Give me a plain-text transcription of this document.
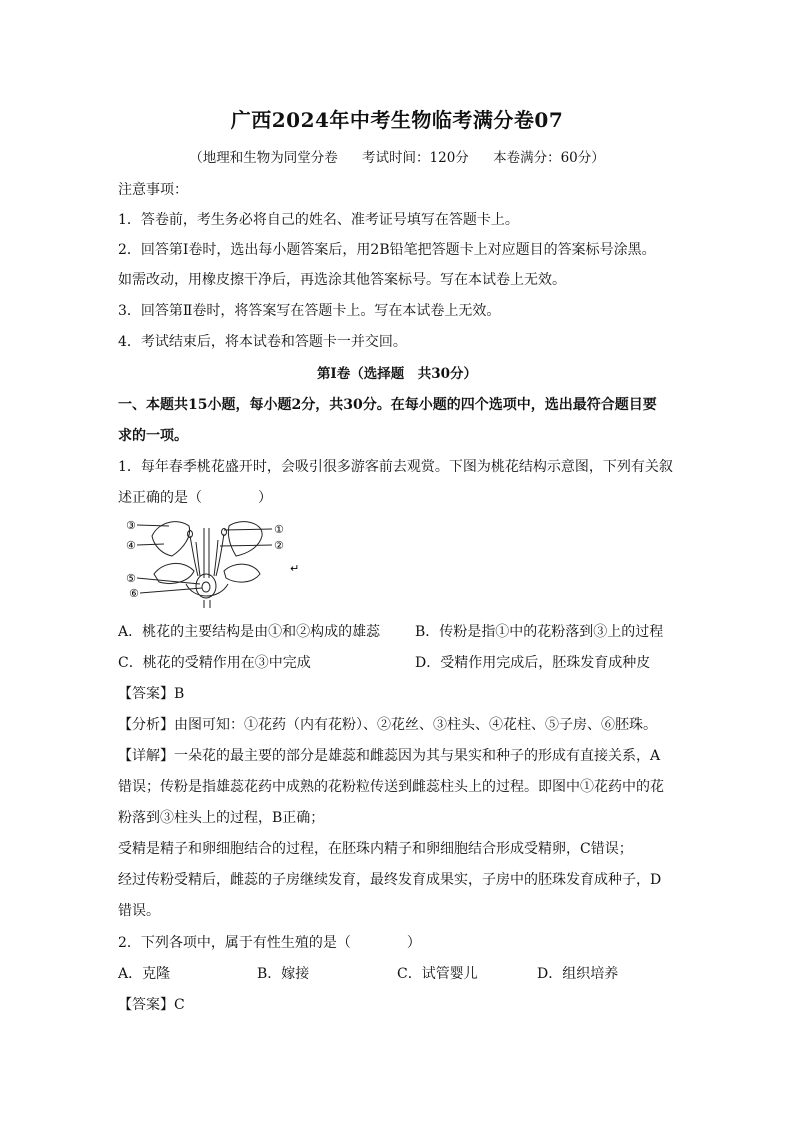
广西2024年中考生物临考满分卷07
（地理和生物为同堂分卷 考试时间：120分 本卷满分：60分）
注意事项：
1．答卷前，考生务必将自己的姓名、准考证号填写在答题卡上。
2．回答第Ⅰ卷时，选出每小题答案后，用2B铅笔把答题卡上对应题目的答案标号涂黑。
如需改动，用橡皮擦干净后，再选涂其他答案标号。写在本试卷上无效。
3．回答第Ⅱ卷时，将答案写在答题卡上。写在本试卷上无效。
4．考试结束后，将本试卷和答题卡一并交回。
第Ⅰ卷（选择题　共30分）
一、本题共15小题，每小题2分，共30分。在每小题的四个选项中，选出最符合题目要
求的一项。
1．每年春季桃花盛开时，会吸引很多游客前去观赏。下图为桃花结构示意图，下列有关叙
述正确的是（　　　　）
③
④
⑤
⑥
①
②
↵
A．桃花的主要结构是由①和②构成的雄蕊 B．传粉是指①中的花粉落到③上的过程
C．桃花的受精作用在③中完成	D．受精作用完成后，胚珠发育成种皮
【答案】B
【分析】由图可知：①花药（内有花粉）、②花丝、③柱头、④花柱、⑤子房、⑥胚珠。
【详解】一朵花的最主要的部分是雄蕊和雌蕊因为其与果实和种子的形成有直接关系，A
错误；传粉是指雄蕊花药中成熟的花粉粒传送到雌蕊柱头上的过程。即图中①花药中的花
粉落到③柱头上的过程，B正确；
受精是精子和卵细胞结合的过程，在胚珠内精子和卵细胞结合形成受精卵，C错误；
经过传粉受精后，雌蕊的子房继续发育，最终发育成果实，子房中的胚珠发育成种子，D
错误。
2．下列各项中，属于有性生殖的是（　　　　）
A．克隆	B．嫁接	C．试管婴儿	D．组织培养
【答案】C
